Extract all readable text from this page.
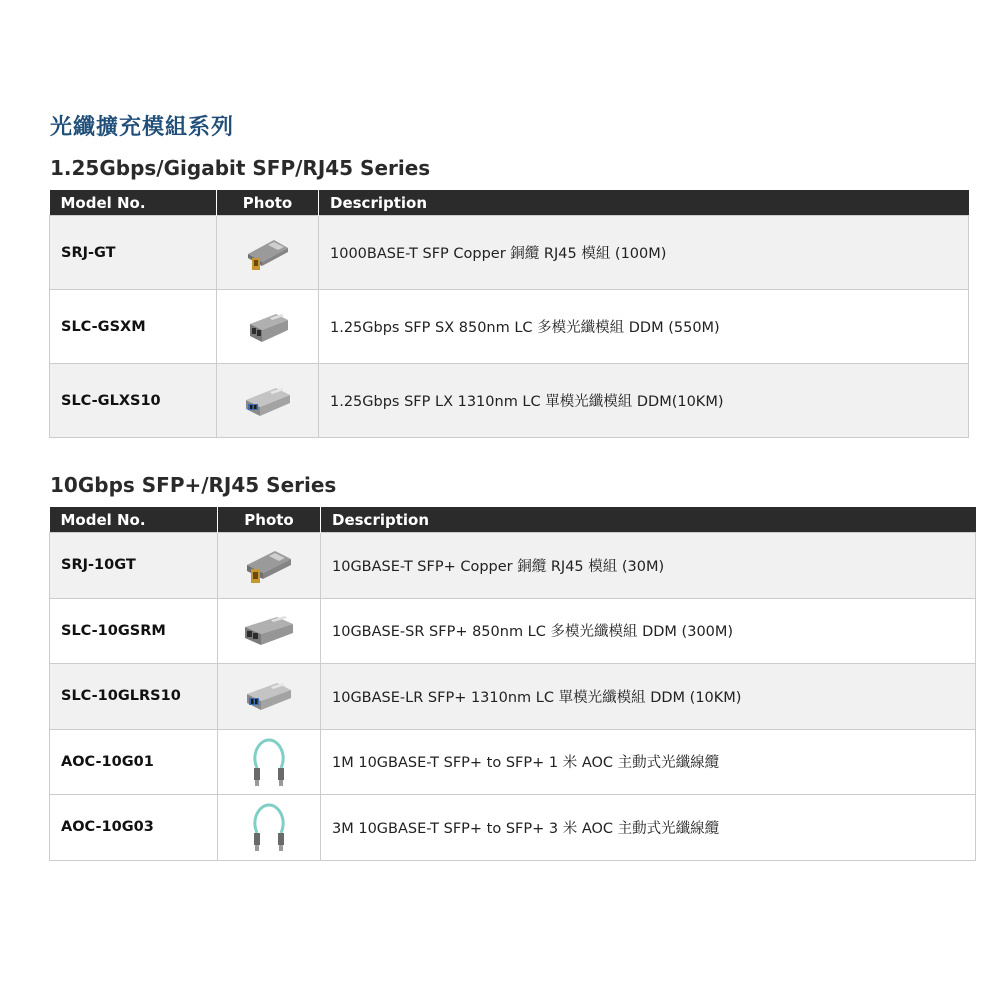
光纖擴充模組系列
1.25Gbps/Gigabit SFP/RJ45 Series
Model No.	Photo	Description
SRJ-GT		1000BASE-T SFP Copper 銅纜 RJ45 模組 (100M)
SLC-GSXM		1.25Gbps SFP SX 850nm LC 多模光纖模組 DDM (550M)
SLC-GLXS10		1.25Gbps SFP LX 1310nm LC 單模光纖模組 DDM(10KM)
10Gbps SFP+/RJ45 Series
Model No.	Photo	Description
SRJ-10GT		10GBASE-T SFP+ Copper 銅纜 RJ45 模組 (30M)
SLC-10GSRM		10GBASE-SR SFP+ 850nm LC 多模光纖模組 DDM (300M)
SLC-10GLRS10		10GBASE-LR SFP+ 1310nm LC 單模光纖模組 DDM (10KM)
AOC-10G01		1M 10GBASE-T SFP+ to SFP+ 1 米 AOC 主動式光纖線纜
AOC-10G03		3M 10GBASE-T SFP+ to SFP+ 3 米 AOC 主動式光纖線纜
